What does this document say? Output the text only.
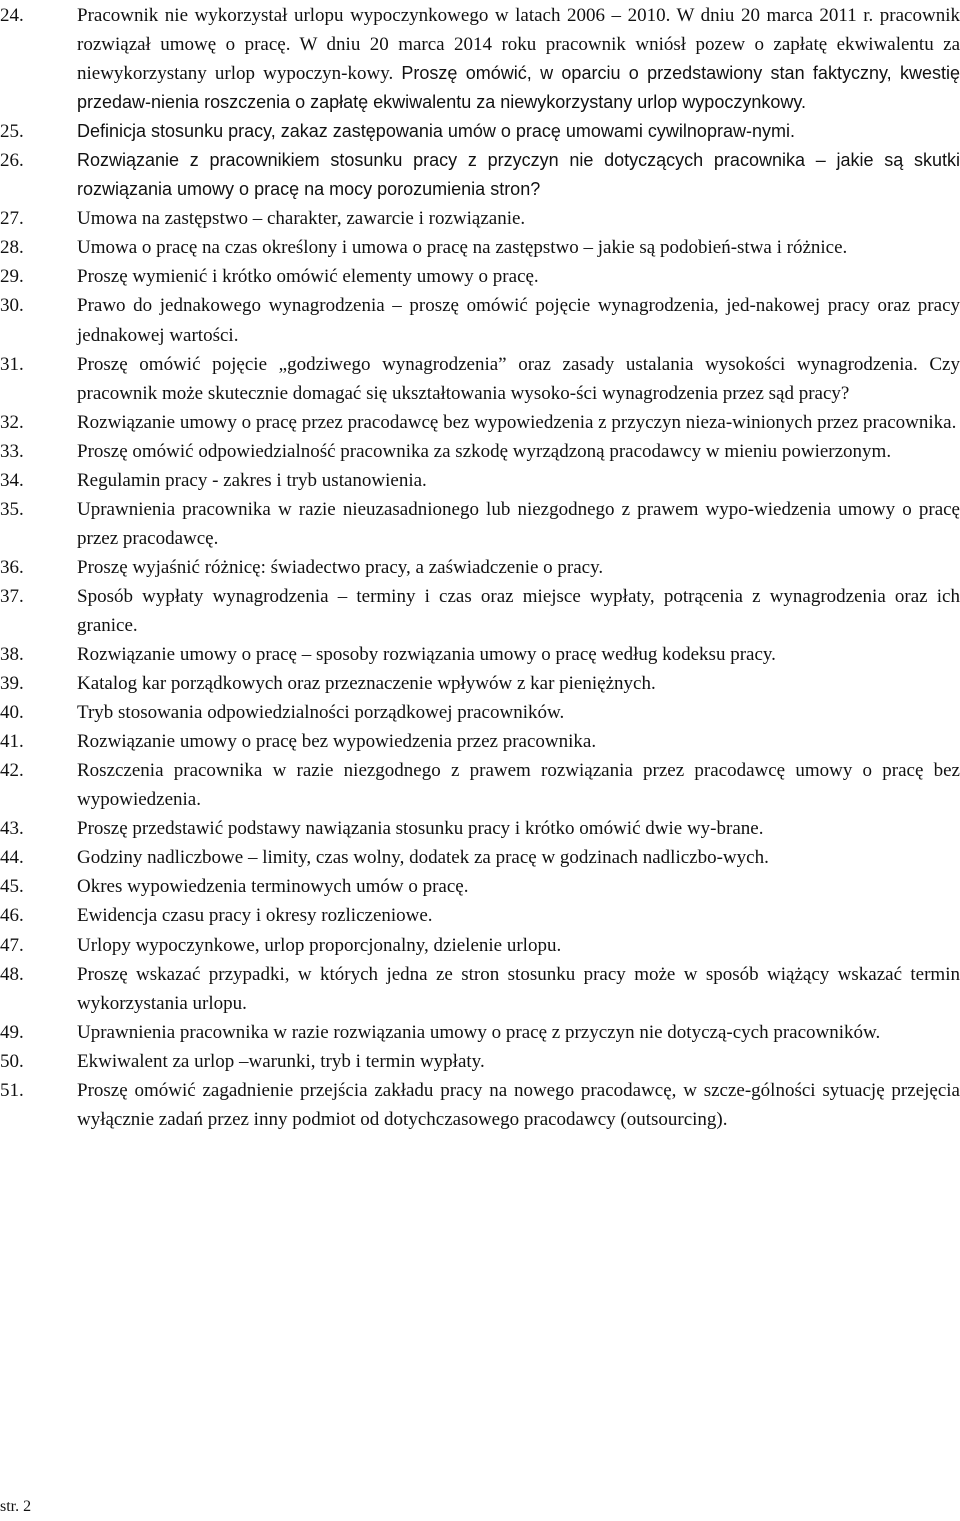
24.	Pracownik nie wykorzystał urlopu wypoczynkowego w latach 2006 – 2010. W dniu 20 marca 2011 r. pracownik rozwiązał umowę o pracę. W dniu 20 marca 2014 roku pracownik wniósł pozew o zapłatę ekwiwalentu za niewykorzystany urlop wypoczyn-kowy. Proszę omówić, w oparciu o przedstawiony stan faktyczny, kwestię przedaw-nienia roszczenia o zapłatę ekwiwalentu za niewykorzystany urlop wypoczynkowy.
25.	Definicja stosunku pracy, zakaz zastępowania umów o pracę umowami cywilnopraw-nymi.
26.	Rozwiązanie z pracownikiem stosunku pracy z przyczyn nie dotyczących pracownika – jakie są skutki rozwiązania umowy o pracę na mocy porozumienia stron?
27.	Umowa na zastępstwo – charakter, zawarcie i rozwiązanie.
28.	Umowa o pracę na czas określony i umowa o pracę na zastępstwo – jakie są podobień-stwa i różnice.
29.	Proszę wymienić i krótko omówić elementy umowy o pracę.
30.	Prawo do jednakowego wynagrodzenia – proszę omówić pojęcie wynagrodzenia, jed-nakowej pracy oraz pracy jednakowej wartości.
31.	Proszę omówić pojęcie „godziwego wynagrodzenia” oraz zasady ustalania wysokości wynagrodzenia. Czy pracownik może skutecznie domagać się ukształtowania wysoko-ści wynagrodzenia przez sąd pracy?
32.	Rozwiązanie umowy o pracę przez pracodawcę bez wypowiedzenia z przyczyn nieza-winionych przez pracownika.
33.	Proszę omówić odpowiedzialność pracownika za szkodę wyrządzoną pracodawcy w mieniu powierzonym.
34.	Regulamin pracy - zakres i tryb ustanowienia.
35.	Uprawnienia pracownika w razie nieuzasadnionego lub niezgodnego z prawem wypo-wiedzenia umowy o pracę przez pracodawcę.
36.	Proszę wyjaśnić różnicę: świadectwo pracy, a zaświadczenie o pracy.
37.	Sposób wypłaty wynagrodzenia – terminy i czas oraz miejsce wypłaty, potrącenia z wynagrodzenia oraz ich granice.
38.	Rozwiązanie umowy o pracę – sposoby rozwiązania umowy o pracę według kodeksu pracy.
39.	Katalog kar porządkowych oraz przeznaczenie wpływów z kar pieniężnych.
40.	Tryb stosowania odpowiedzialności porządkowej pracowników.
41.	Rozwiązanie umowy o pracę bez wypowiedzenia przez pracownika.
42.	Roszczenia pracownika w razie niezgodnego z prawem rozwiązania przez pracodawcę umowy o pracę bez wypowiedzenia.
43.	Proszę przedstawić podstawy nawiązania stosunku pracy i krótko omówić dwie wy-brane.
44.	Godziny nadliczbowe – limity, czas wolny, dodatek za pracę w godzinach nadliczbo-wych.
45.	Okres wypowiedzenia terminowych umów o pracę.
46.	Ewidencja czasu pracy i okresy rozliczeniowe.
47.	Urlopy wypoczynkowe, urlop proporcjonalny, dzielenie urlopu.
48.	Proszę wskazać przypadki, w których jedna ze stron stosunku pracy może w sposób wiążący wskazać termin wykorzystania urlopu.
49.	Uprawnienia pracownika w razie rozwiązania umowy o pracę z przyczyn nie dotyczą-cych pracowników.
50.	Ekwiwalent za urlop –warunki, tryb i termin wypłaty.
51.	Proszę omówić zagadnienie przejścia zakładu pracy na nowego pracodawcę, w szcze-gólności sytuację przejęcia wyłącznie zadań przez inny podmiot od dotychczasowego pracodawcy (outsourcing).
str. 2
